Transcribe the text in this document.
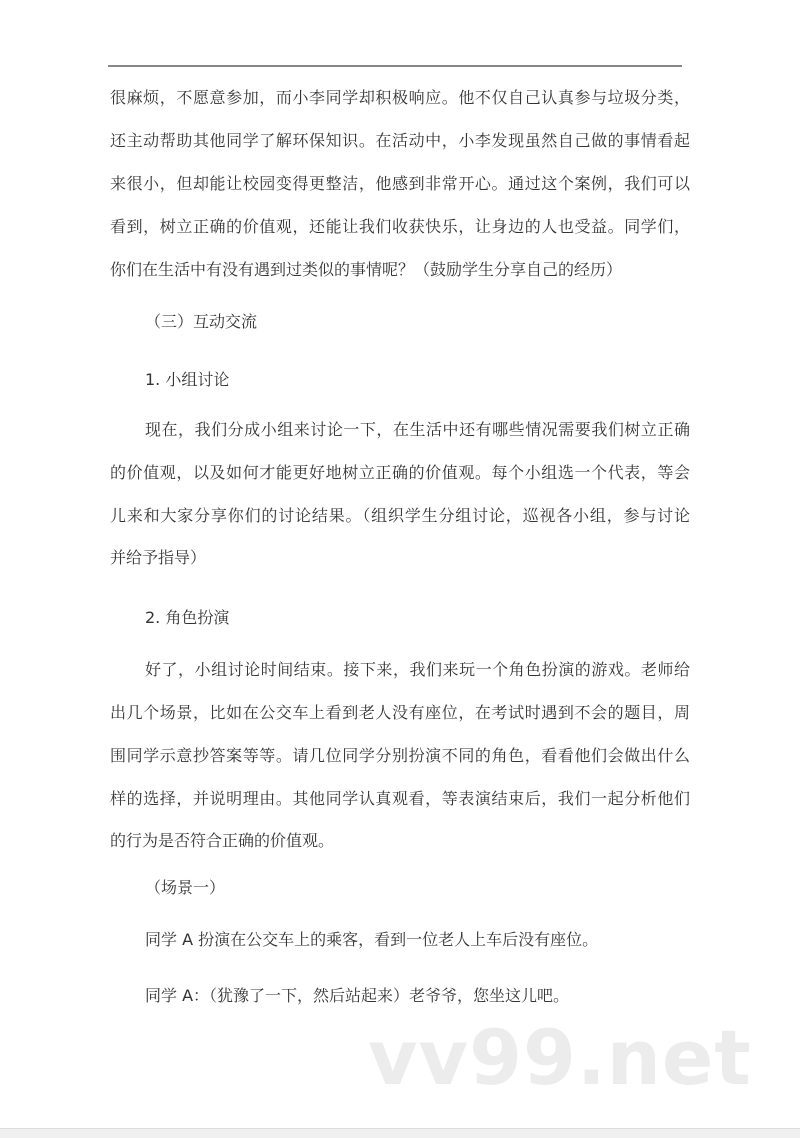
很麻烦，不愿意参加，而小李同学却积极响应。他不仅自己认真参与垃圾分类，
还主动帮助其他同学了解环保知识。在活动中，小李发现虽然自己做的事情看起
来很小，但却能让校园变得更整洁，他感到非常开心。通过这个案例，我们可以
看到，树立正确的价值观，还能让我们收获快乐，让身边的人也受益。同学们，
你们在生活中有没有遇到过类似的事情呢？（鼓励学生分享自己的经历）
（三）互动交流
1. 小组讨论
现在，我们分成小组来讨论一下，在生活中还有哪些情况需要我们树立正确
的价值观，以及如何才能更好地树立正确的价值观。每个小组选一个代表，等会
儿来和大家分享你们的讨论结果。（组织学生分组讨论，巡视各小组，参与讨论
并给予指导）
2. 角色扮演
好了，小组讨论时间结束。接下来，我们来玩一个角色扮演的游戏。老师给
出几个场景，比如在公交车上看到老人没有座位，在考试时遇到不会的题目，周
围同学示意抄答案等等。请几位同学分别扮演不同的角色，看看他们会做出什么
样的选择，并说明理由。其他同学认真观看，等表演结束后，我们一起分析他们
的行为是否符合正确的价值观。
（场景一）
同学 A 扮演在公交车上的乘客，看到一位老人上车后没有座位。
同学 A：（犹豫了一下，然后站起来）老爷爷，您坐这儿吧。
vv99.net
